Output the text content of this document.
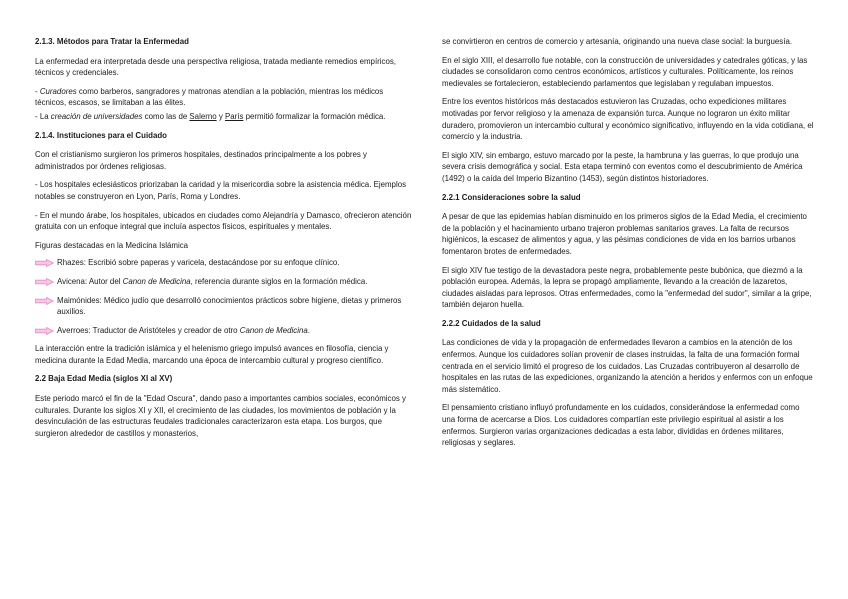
2.1.3. Métodos para Tratar la Enfermedad

La enfermedad era interpretada desde una perspectiva religiosa, tratada mediante remedios empíricos, técnicos y credenciales.

- Curadores como barberos, sangradores y matronas atendían a la población, mientras los médicos técnicos, escasos, se limitaban a las élites.

- La creación de universidades como las de Salerno y París permitió formalizar la formación médica.

2.1.4. Instituciones para el Cuidado

Con el cristianismo surgieron los primeros hospitales, destinados principalmente a los pobres y administrados por órdenes religiosas.

- Los hospitales eclesiásticos priorizaban la caridad y la misericordia sobre la asistencia médica. Ejemplos notables se construyeron en Lyon, París, Roma y Londres.

- En el mundo árabe, los hospitales, ubicados en ciudades como Alejandría y Damasco, ofrecieron atención gratuita con un enfoque integral que incluía aspectos físicos, espirituales y mentales.

Figuras destacadas en la Medicina Islámica

Rhazes: Escribió sobre paperas y varicela, destacándose por su enfoque clínico.
Avicena: Autor del Canon de Medicina, referencia durante siglos en la formación médica.
Maimónides: Médico judío que desarrolló conocimientos prácticos sobre higiene, dietas y primeros auxilios.
Averroes: Traductor de Aristóteles y creador de otro Canon de Medicina.

La interacción entre la tradición islámica y el helenismo griego impulsó avances en filosofía, ciencia y medicina durante la Edad Media, marcando una época de intercambio cultural y progreso científico.

2.2 Baja Edad Media (siglos XI al XV)

Este periodo marcó el fin de la "Edad Oscura", dando paso a importantes cambios sociales, económicos y culturales. Durante los siglos XI y XII, el crecimiento de las ciudades, los movimientos de población y la desvinculación de las estructuras feudales tradicionales caracterizaron esta etapa. Los burgos, que surgieron alrededor de castillos y monasterios,

se convirtieron en centros de comercio y artesanía, originando una nueva clase social: la burguesía.

En el siglo XIII, el desarrollo fue notable, con la construcción de universidades y catedrales góticas, y las ciudades se consolidaron como centros económicos, artísticos y culturales. Políticamente, los reinos medievales se fortalecieron, estableciendo parlamentos que legislaban y regulaban impuestos.

Entre los eventos históricos más destacados estuvieron las Cruzadas, ocho expediciones militares motivadas por fervor religioso y la amenaza de expansión turca. Aunque no lograron un éxito militar duradero, promovieron un intercambio cultural y económico significativo, influyendo en la vida cotidiana, el comercio y la industria.

El siglo XIV, sin embargo, estuvo marcado por la peste, la hambruna y las guerras, lo que produjo una severa crisis demográfica y social. Esta etapa terminó con eventos como el descubrimiento de América (1492) o la caída del Imperio Bizantino (1453), según distintos historiadores.

2.2.1 Consideraciones sobre la salud

A pesar de que las epidemias habían disminuido en los primeros siglos de la Edad Media, el crecimiento de la población y el hacinamiento urbano trajeron problemas sanitarios graves. La falta de recursos higiénicos, la escasez de alimentos y agua, y las pésimas condiciones de vida en los barrios urbanos fomentaron brotes de enfermedades.

El siglo XIV fue testigo de la devastadora peste negra, probablemente peste bubónica, que diezmó a la población europea. Además, la lepra se propagó ampliamente, llevando a la creación de lazaretos, ciudades aisladas para leprosos. Otras enfermedades, como la "enfermedad del sudor", similar a la gripe, también dejaron huella.

2.2.2 Cuidados de la salud

Las condiciones de vida y la propagación de enfermedades llevaron a cambios en la atención de los enfermos. Aunque los cuidadores solían provenir de clases instruidas, la falta de una formación formal centrada en el servicio limitó el progreso de los cuidados. Las Cruzadas contribuyeron al desarrollo de hospitales en las rutas de las expediciones, organizando la atención a heridos y enfermos con un enfoque más sistemático.

El pensamiento cristiano influyó profundamente en los cuidados, considerándose la enfermedad como una forma de acercarse a Dios. Los cuidadores compartían este privilegio espiritual al asistir a los enfermos. Surgieron varias organizaciones dedicadas a esta labor, divididas en órdenes militares, religiosas y seglares.
